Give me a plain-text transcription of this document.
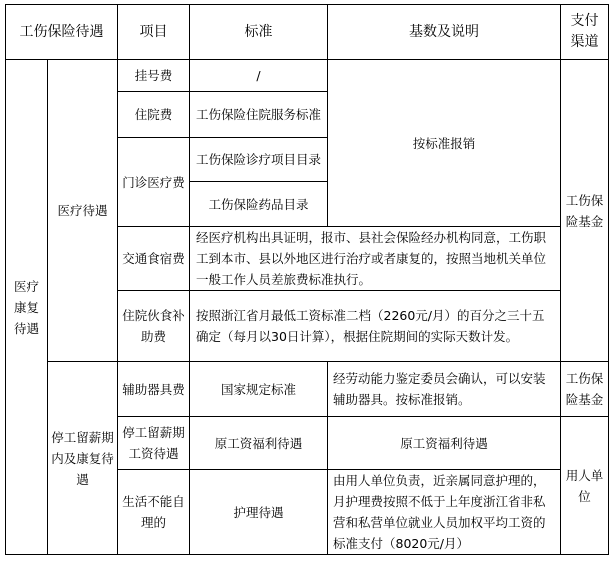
工伤保险待遇		项目	标准	基数及说明	支付渠道
医疗康复待遇	医疗待遇	挂号费	/	按标准报销	工伤保险基金
		住院费	工伤保险住院服务标准		
		门诊医疗费	工伤保险诊疗项目目录		
			工伤保险药品目录		
		交通食宿费	经医疗机构出具证明，报市、县社会保险经办机构同意，工伤职工到本市、县以外地区进行治疗或者康复的，按照当地机关单位一般工作人员差旅费标准执行。		
		住院伙食补助费	按照浙江省月最低工资标准二档（2260元/月）的百分之三十五确定（每月以30日计算），根据住院期间的实际天数计发。		
	停工留薪期内及康复待遇	辅助器具费	国家规定标准	经劳动能力鉴定委员会确认，可以安装辅助器具。按标准报销。	工伤保险基金
		停工留薪期工资待遇	原工资福利待遇	原工资福利待遇	用人单位
		生活不能自理的	护理待遇	由用人单位负责，近亲属同意护理的，月护理费按照不低于上年度浙江省非私营和私营单位就业人员加权平均工资的标准支付（8020元/月）	
